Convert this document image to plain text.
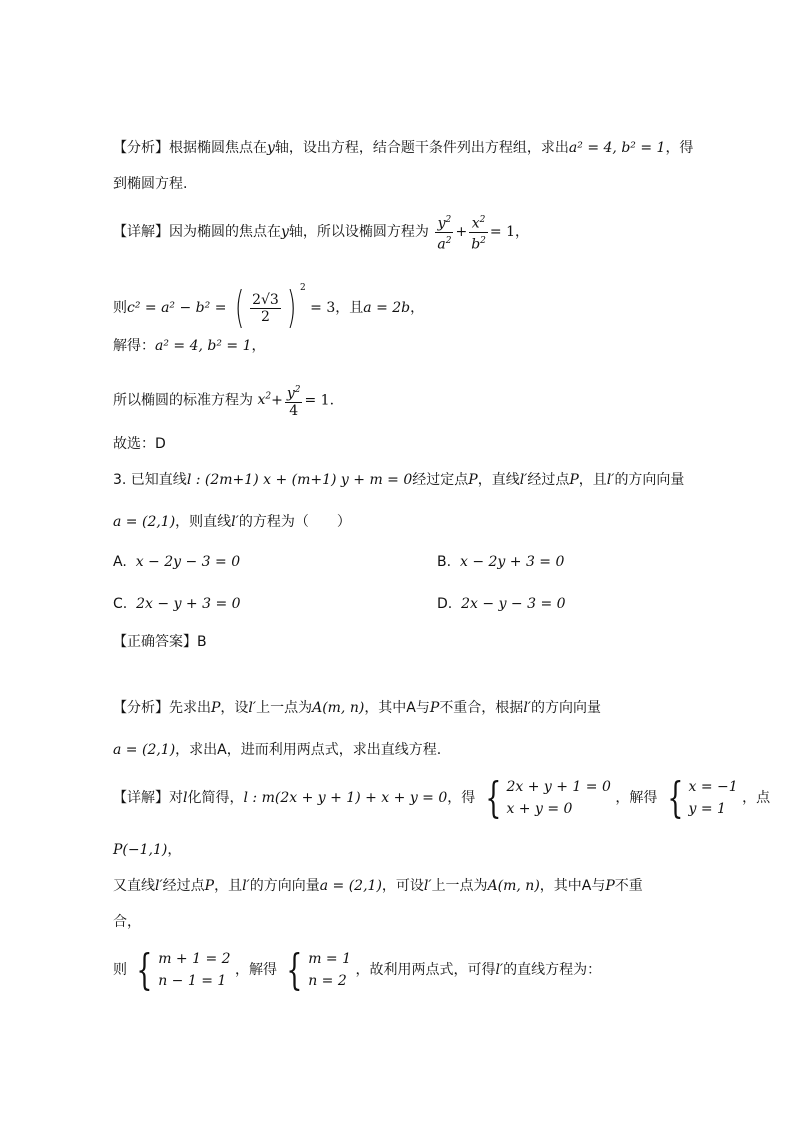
【分析】根据椭圆焦点在y轴，设出方程，结合题干条件列出方程组，求出a² = 4, b² = 1，得
到椭圆方程.
【详解】因为椭圆的焦点在y轴，所以设椭圆方程为 $\frac{y^2}{a^2} + \frac{x^2}{b^2} = 1$，
则c² = a² − b² = ( $\frac{2√3}{2}$ ) $^2$ = 3，且a = 2b，
解得：a² = 4, b² = 1，
所以椭圆的标准方程为 $x^2+ \frac{y^2}{4} = 1$.
故选：D
3. 已知直线l : (2m+1) x + (m+1) y + m = 0经过定点P，直线l′经过点P，且l′的方向向量
a = (2,1)，则直线l′的方程为（　　）
A. x − 2y − 3 = 0	B. x − 2y + 3 = 0
C. 2x − y + 3 = 0	D. 2x − y − 3 = 0
【正确答案】B
【分析】先求出P，设l′上一点为A(m, n)，其中A与P不重合，根据l′的方向向量
a = (2,1)，求出A，进而利用两点式，求出直线方程.
【详解】对l化简得，l : m(2x + y + 1) + x + y = 0，得 { 2x + y + 1 = 0
x + y = 0
，解得 { x = −1
y = 1
，点
P(−1,1)，
又直线l′经过点P，且l′的方向向量a = (2,1)，可设l′上一点为A(m, n)，其中A与P不重
合，
则 { m + 1 = 2
n − 1 = 1
，解得 { m = 1
n = 2
，故利用两点式，可得l′的直线方程为：
